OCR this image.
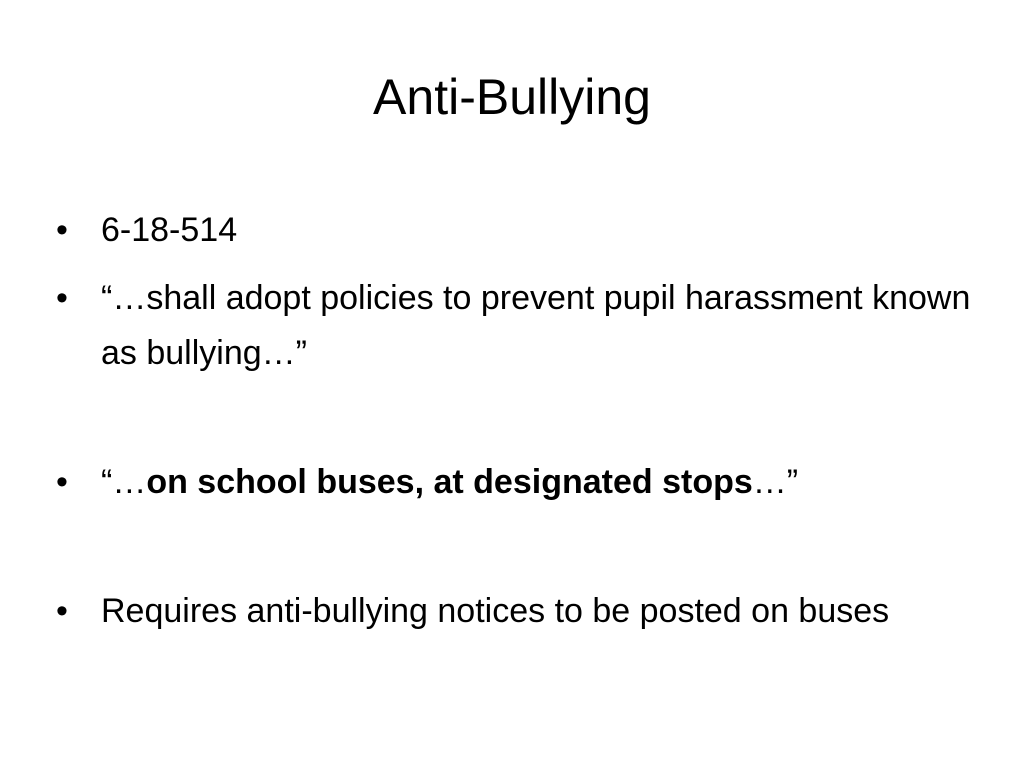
Anti-Bullying
• 6-18-514
• “…shall adopt policies to prevent pupil harassment known as bullying…”
• “…on school buses, at designated stops…”
• Requires anti-bullying notices to be posted on buses
